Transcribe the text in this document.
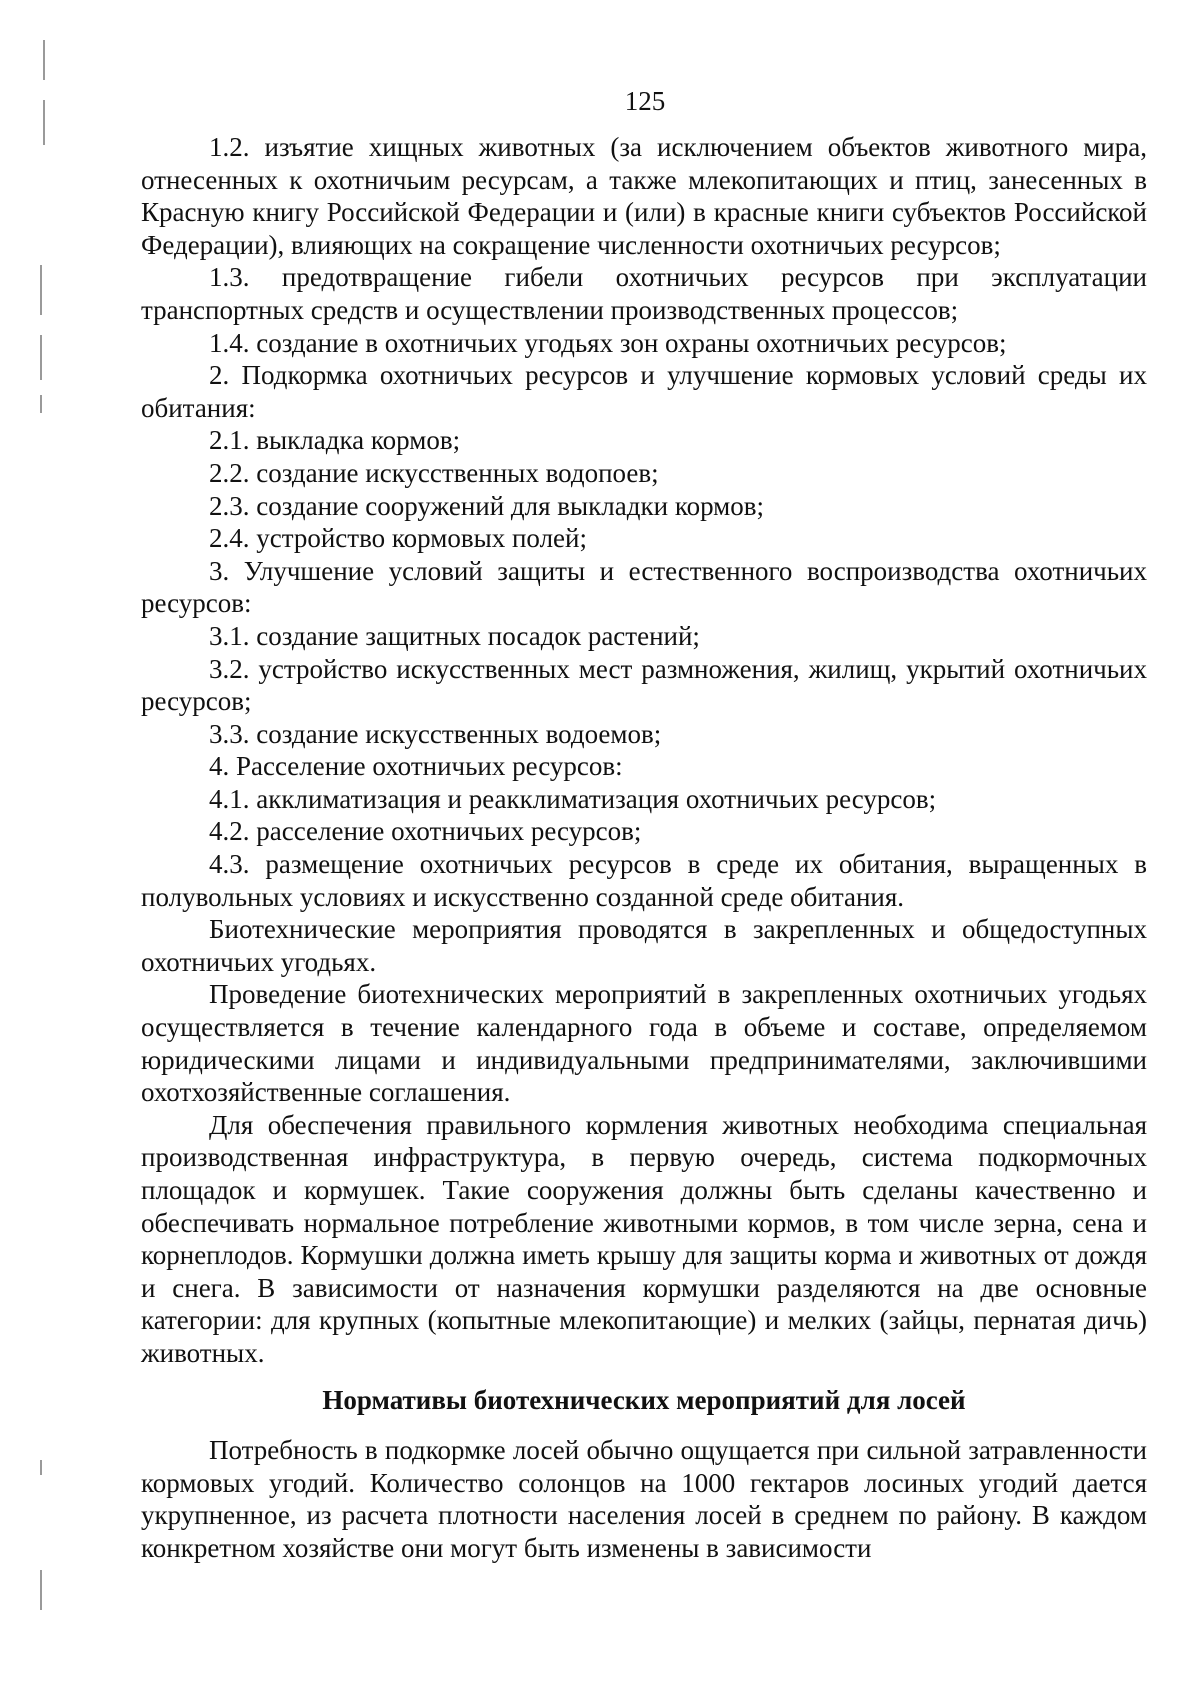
125

1.2. изъятие хищных животных (за исключением объектов животного мира, отнесенных к охотничьим ресурсам, а также млекопитающих и птиц, занесенных в Красную книгу Российской Федерации и (или) в красные книги субъектов Российской Федерации), влияющих на сокращение численности охотничьих ресурсов;

1.3. предотвращение гибели охотничьих ресурсов при эксплуатации транспортных средств и осуществлении производственных процессов;

1.4. создание в охотничьих угодьях зон охраны охотничьих ресурсов;

2. Подкормка охотничьих ресурсов и улучшение кормовых условий среды их обитания:

2.1. выкладка кормов;

2.2. создание искусственных водопоев;

2.3. создание сооружений для выкладки кормов;

2.4. устройство кормовых полей;

3. Улучшение условий защиты и естественного воспроизводства охотничьих ресурсов:

3.1. создание защитных посадок растений;

3.2. устройство искусственных мест размножения, жилищ, укрытий охотничьих ресурсов;

3.3. создание искусственных водоемов;

4. Расселение охотничьих ресурсов:

4.1. акклиматизация и реакклиматизация охотничьих ресурсов;

4.2. расселение охотничьих ресурсов;

4.3. размещение охотничьих ресурсов в среде их обитания, выращенных в полувольных условиях и искусственно созданной среде обитания.

Биотехнические мероприятия проводятся в закрепленных и общедоступных охотничьих угодьях.

Проведение биотехнических мероприятий в закрепленных охотничьих угодьях осуществляется в течение календарного года в объеме и составе, определяемом юридическими лицами и индивидуальными предпринимателями, заключившими охотхозяйственные соглашения.

Для обеспечения правильного кормления животных необходима специальная производственная инфраструктура, в первую очередь, система подкормочных площадок и кормушек. Такие сооружения должны быть сделаны качественно и обеспечивать нормальное потребление животными кормов, в том числе зерна, сена и корнеплодов. Кормушки должна иметь крышу для защиты корма и животных от дождя и снега. В зависимости от назначения кормушки разделяются на две основные категории: для крупных (копытные млекопитающие) и мелких (зайцы, пернатая дичь) животных.

Нормативы биотехнических мероприятий для лосей

Потребность в подкормке лосей обычно ощущается при сильной затравленности кормовых угодий. Количество солонцов на 1000 гектаров лосиных угодий дается укрупненное, из расчета плотности населения лосей в среднем по району. В каждом конкретном хозяйстве они могут быть изменены в зависимости
